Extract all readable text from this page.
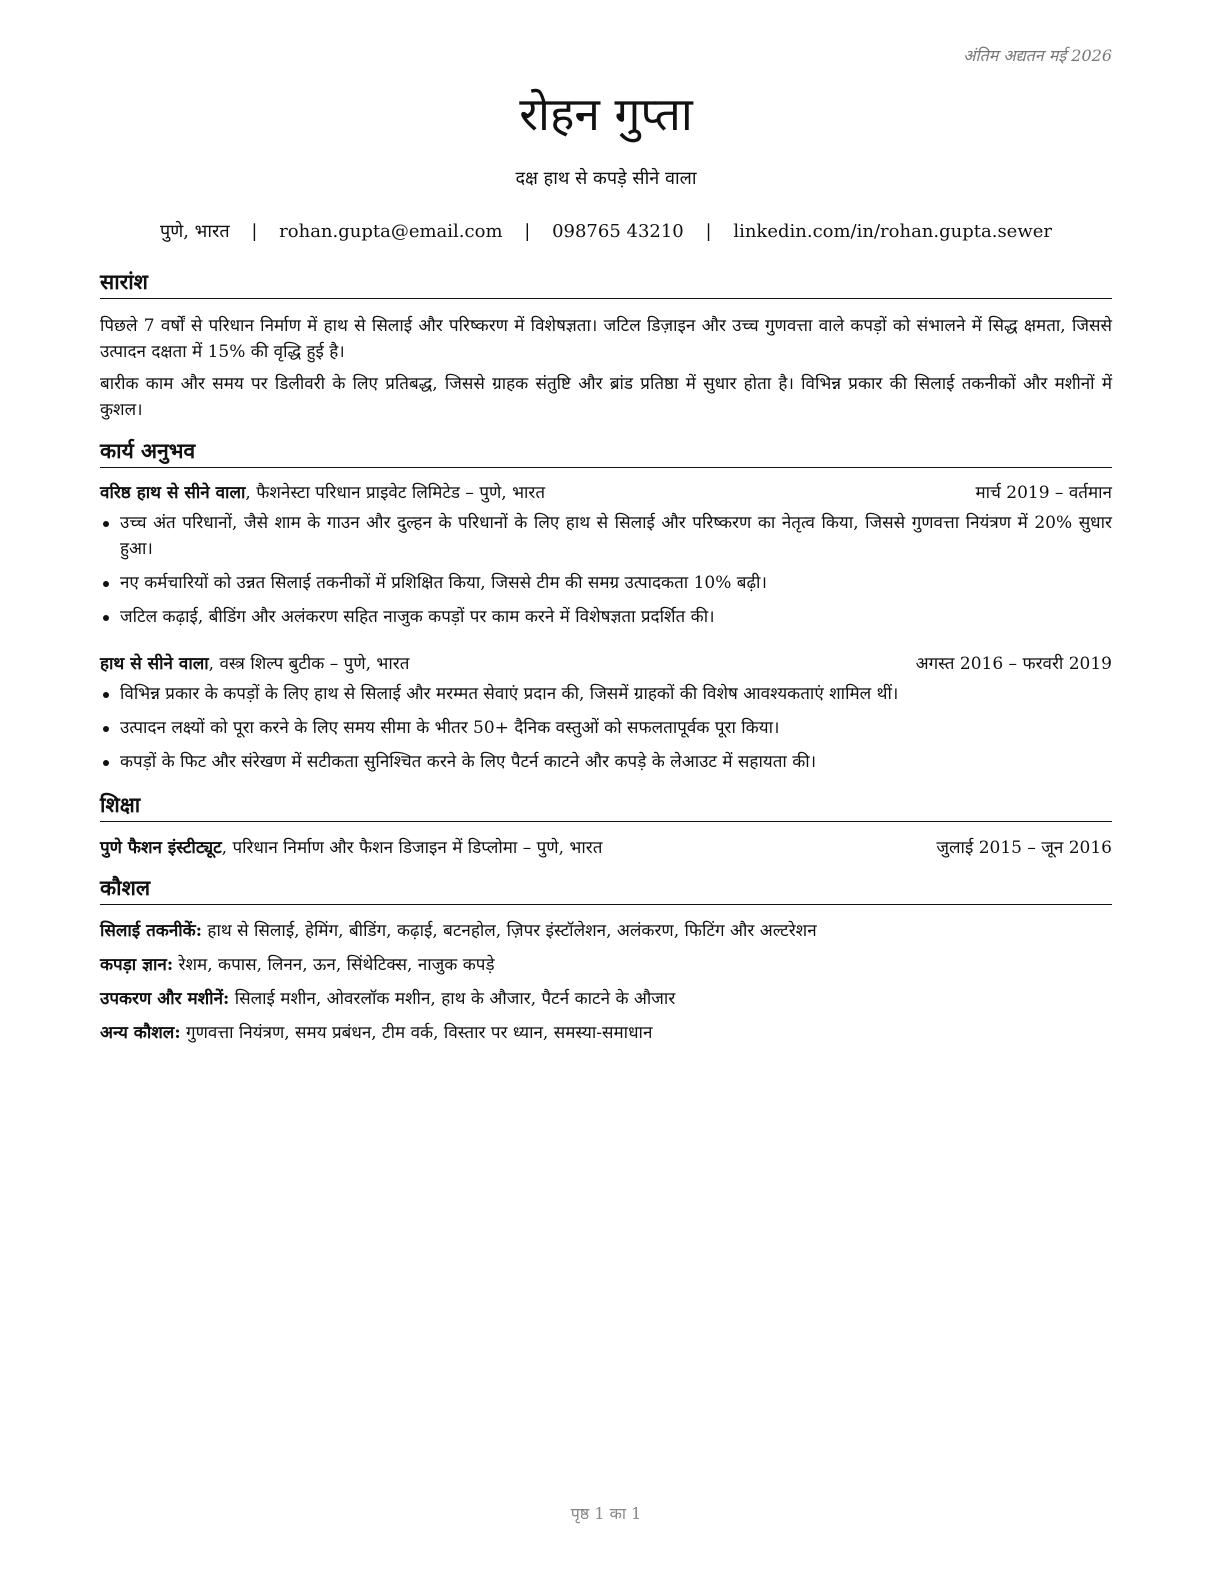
अंतिम अद्यतन मई 2026
रोहन गुप्ता
दक्ष हाथ से कपड़े सीने वाला
पुणे, भारत | rohan.gupta@email.com | 098765 43210 | linkedin.com/in/rohan.gupta.sewer
सारांश

पिछले 7 वर्षों से परिधान निर्माण में हाथ से सिलाई और परिष्करण में विशेषज्ञता। जटिल डिज़ाइन और उच्च गुणवत्ता वाले कपड़ों को संभालने में सिद्ध क्षमता, जिससे उत्पादन दक्षता में 15% की वृद्धि हुई है।

बारीक काम और समय पर डिलीवरी के लिए प्रतिबद्ध, जिससे ग्राहक संतुष्टि और ब्रांड प्रतिष्ठा में सुधार होता है। विभिन्न प्रकार की सिलाई तकनीकों और मशीनों में कुशल।

कार्य अनुभव
वरिष्ठ हाथ से सीने वाला, फैशनेस्टा परिधान प्राइवेट लिमिटेड – पुणे, भारत	मार्च 2019 – वर्तमान
उच्च अंत परिधानों, जैसे शाम के गाउन और दुल्हन के परिधानों के लिए हाथ से सिलाई और परिष्करण का नेतृत्व किया, जिससे गुणवत्ता नियंत्रण में 20% सुधार हुआ।
नए कर्मचारियों को उन्नत सिलाई तकनीकों में प्रशिक्षित किया, जिससे टीम की समग्र उत्पादकता 10% बढ़ी।
जटिल कढ़ाई, बीडिंग और अलंकरण सहित नाजुक कपड़ों पर काम करने में विशेषज्ञता प्रदर्शित की।
हाथ से सीने वाला, वस्त्र शिल्प बुटीक – पुणे, भारत	अगस्त 2016 – फरवरी 2019
विभिन्न प्रकार के कपड़ों के लिए हाथ से सिलाई और मरम्मत सेवाएं प्रदान की, जिसमें ग्राहकों की विशेष आवश्यकताएं शामिल थीं।
उत्पादन लक्ष्यों को पूरा करने के लिए समय सीमा के भीतर 50+ दैनिक वस्तुओं को सफलतापूर्वक पूरा किया।
कपड़ों के फिट और संरेखण में सटीकता सुनिश्चित करने के लिए पैटर्न काटने और कपड़े के लेआउट में सहायता की।
शिक्षा
पुणे फैशन इंस्टीट्यूट, परिधान निर्माण और फैशन डिजाइन में डिप्लोमा – पुणे, भारत	जुलाई 2015 – जून 2016
कौशल
सिलाई तकनीकें: हाथ से सिलाई, हेमिंग, बीडिंग, कढ़ाई, बटनहोल, ज़िपर इंस्टॉलेशन, अलंकरण, फिटिंग और अल्टरेशन
कपड़ा ज्ञान: रेशम, कपास, लिनन, ऊन, सिंथेटिक्स, नाजुक कपड़े
उपकरण और मशीनें: सिलाई मशीन, ओवरलॉक मशीन, हाथ के औजार, पैटर्न काटने के औजार
अन्य कौशल: गुणवत्ता नियंत्रण, समय प्रबंधन, टीम वर्क, विस्तार पर ध्यान, समस्या-समाधान
पृष्ठ 1 का 1
